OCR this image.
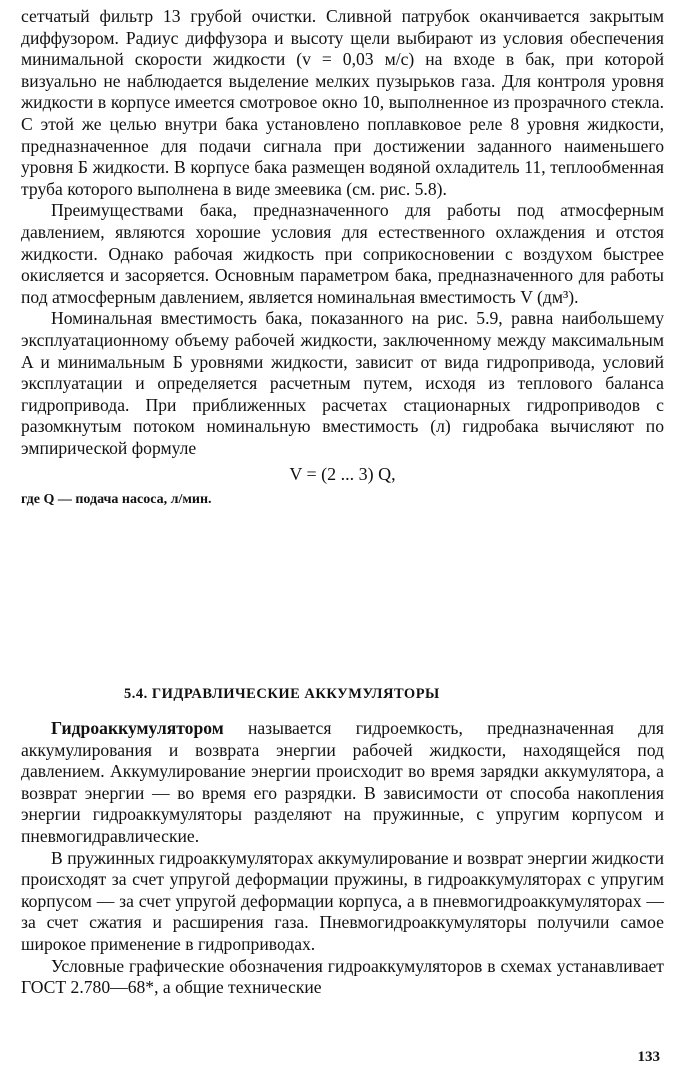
сетчатый фильтр 13 грубой очистки. Сливной патрубок оканчивается закрытым диффузором. Радиус диффузора и высоту щели выбирают из условия обеспечения минимальной скорости жидкости (v = 0,03 м/с) на входе в бак, при которой визуально не наблюдается выделение мелких пузырьков газа. Для контроля уровня жидкости в корпусе имеется смотровое окно 10, выполненное из прозрачного стекла. С этой же целью внутри бака установлено поплавковое реле 8 уровня жидкости, предназначенное для подачи сигнала при достижении заданного наименьшего уровня Б жидкости. В корпусе бака размещен водяной охладитель 11, теплообменная труба которого выполнена в виде змеевика (см. рис. 5.8).

Преимуществами бака, предназначенного для работы под атмосферным давлением, являются хорошие условия для естественного охлаждения и отстоя жидкости. Однако рабочая жидкость при соприкосновении с воздухом быстрее окисляется и засоряется. Основным параметром бака, предназначенного для работы под атмосферным давлением, является номинальная вместимость V (дм³).

Номинальная вместимость бака, показанного на рис. 5.9, равна наибольшему эксплуатационному объему рабочей жидкости, заключенному между максимальным A и минимальным Б уровнями жидкости, зависит от вида гидропривода, условий эксплуатации и определяется расчетным путем, исходя из теплового баланса гидропривода. При приближенных расчетах стационарных гидроприводов с разомкнутым потоком номинальную вместимость (л) гидробака вычисляют по эмпирической формуле

V = (2 ... 3) Q,

где Q — подача насоса, л/мин.

5.4. ГИДРАВЛИЧЕСКИЕ АККУМУЛЯТОРЫ

Гидроаккумулятором называется гидроемкость, предназначенная для аккумулирования и возврата энергии рабочей жидкости, находящейся под давлением. Аккумулирование энергии происходит во время зарядки аккумулятора, а возврат энергии — во время его разрядки. В зависимости от способа накопления энергии гидроаккумуляторы разделяют на пружинные, с упругим корпусом и пневмогидравлические.

В пружинных гидроаккумуляторах аккумулирование и возврат энергии жидкости происходят за счет упругой деформации пружины, в гидроаккумуляторах с упругим корпусом — за счет упругой деформации корпуса, а в пневмогидроаккумуляторах — за счет сжатия и расширения газа. Пневмогидроаккумуляторы получили самое широкое применение в гидроприводах.

Условные графические обозначения гидроаккумуляторов в схемах устанавливает ГОСТ 2.780—68*, а общие технические

133
